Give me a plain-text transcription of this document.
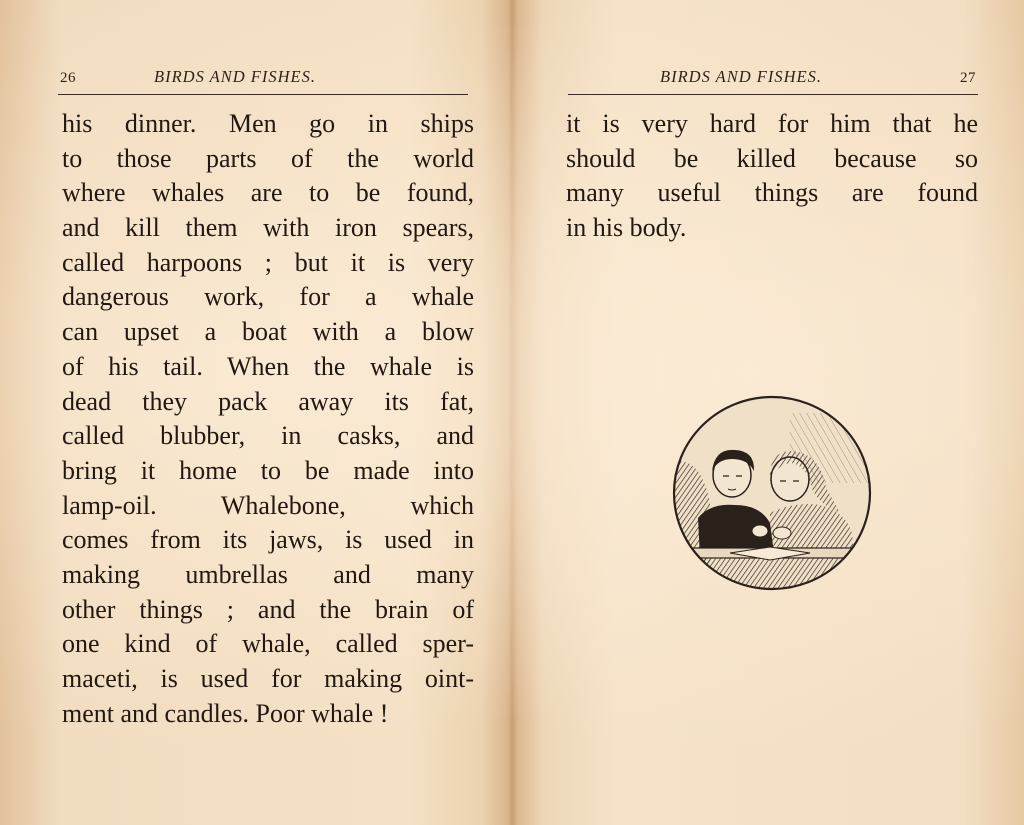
26	BIRDS AND FISHES.
his dinner. Men go in ships
to those parts of the world
where whales are to be found,
and kill them with iron spears,
called harpoons ; but it is very
dangerous work, for a whale
can upset a boat with a blow
of his tail. When the whale is
dead they pack away its fat,
called blubber, in casks, and
bring it home to be made into
lamp-oil. Whalebone, which
comes from its jaws, is used in
making umbrellas and many
other things ; and the brain of
one kind of whale, called sper-
maceti, is used for making oint-
ment and candles. Poor whale !
BIRDS AND FISHES.	27
it is very hard for him that he
should be killed because so
many useful things are found
in his body.
